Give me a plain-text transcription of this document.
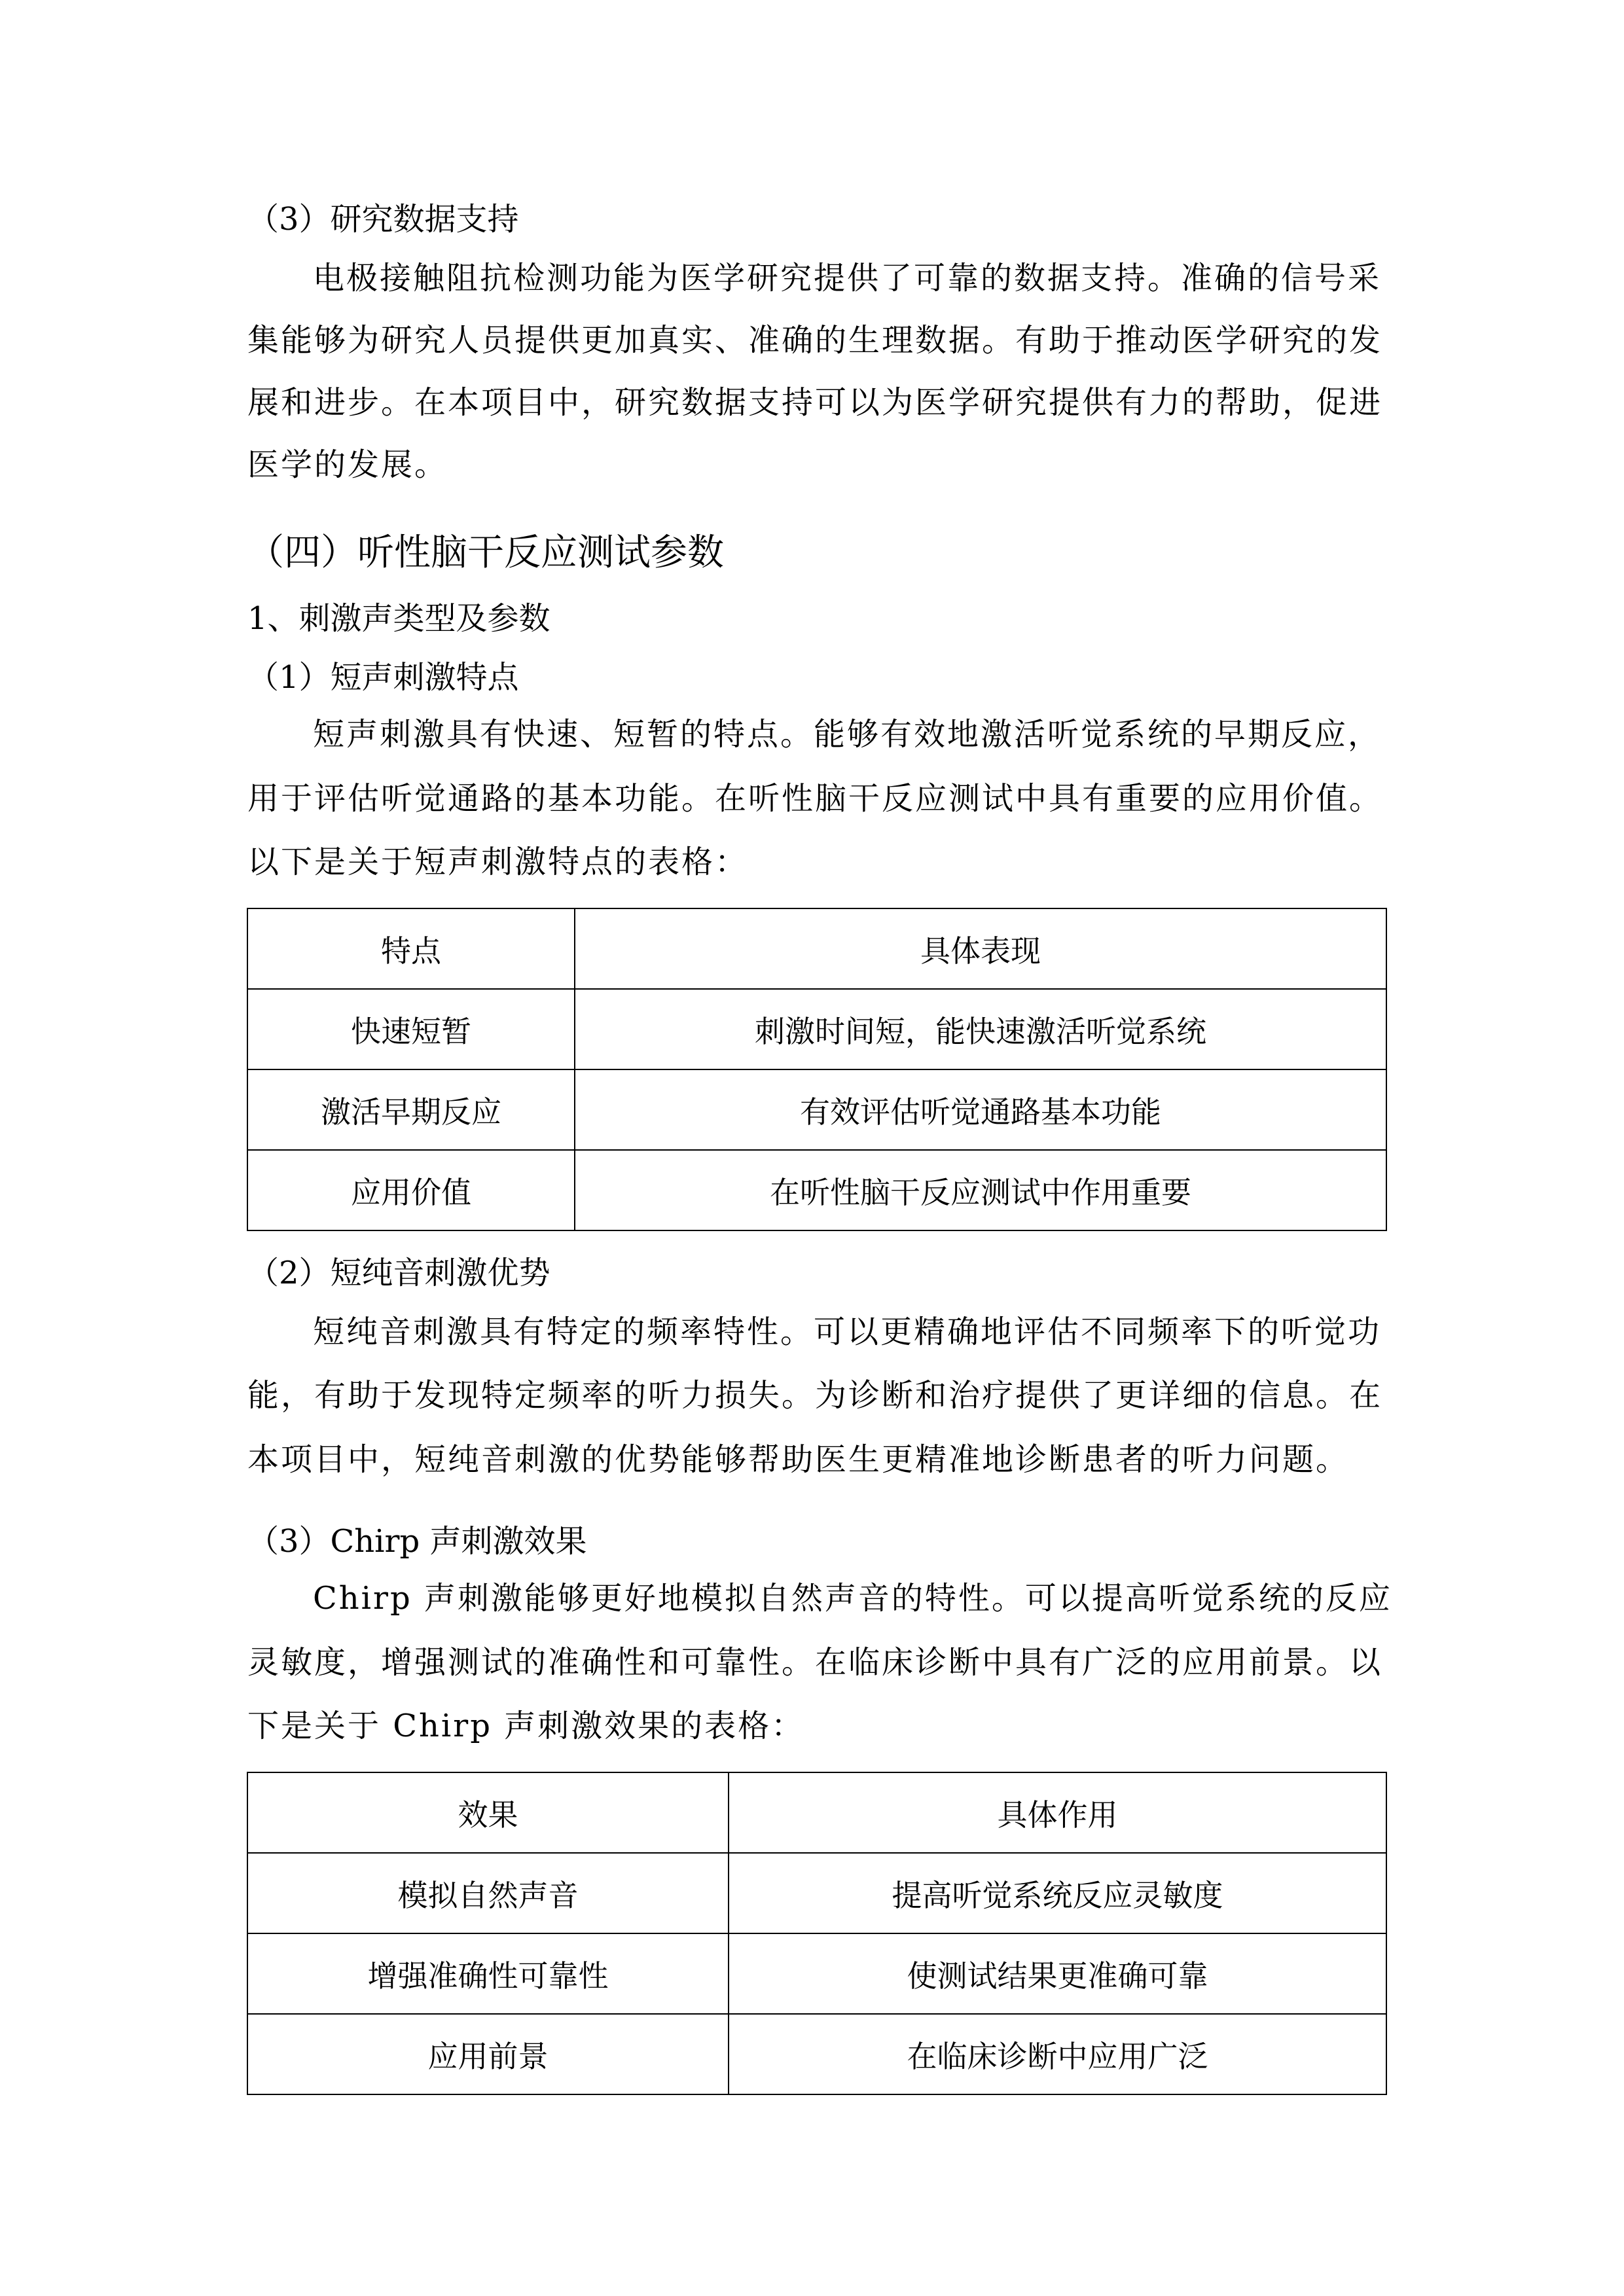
（3）研究数据支持
电极接触阻抗检测功能为医学研究提供了可靠的数据支持。准确的信号采
集能够为研究人员提供更加真实、准确的生理数据。有助于推动医学研究的发
展和进步。在本项目中，研究数据支持可以为医学研究提供有力的帮助，促进
医学的发展。
（四）听性脑干反应测试参数
1、刺激声类型及参数
（1）短声刺激特点
短声刺激具有快速、短暂的特点。能够有效地激活听觉系统的早期反应，
用于评估听觉通路的基本功能。在听性脑干反应测试中具有重要的应用价值。
以下是关于短声刺激特点的表格：
特点	具体表现
快速短暂	刺激时间短，能快速激活听觉系统
激活早期反应	有效评估听觉通路基本功能
应用价值	在听性脑干反应测试中作用重要
（2）短纯音刺激优势
短纯音刺激具有特定的频率特性。可以更精确地评估不同频率下的听觉功
能，有助于发现特定频率的听力损失。为诊断和治疗提供了更详细的信息。在
本项目中，短纯音刺激的优势能够帮助医生更精准地诊断患者的听力问题。
（3）Chirp 声刺激效果
Chirp 声刺激能够更好地模拟自然声音的特性。可以提高听觉系统的反应
灵敏度，增强测试的准确性和可靠性。在临床诊断中具有广泛的应用前景。以
下是关于 Chirp 声刺激效果的表格：
效果	具体作用
模拟自然声音	提高听觉系统反应灵敏度
增强准确性可靠性	使测试结果更准确可靠
应用前景	在临床诊断中应用广泛
